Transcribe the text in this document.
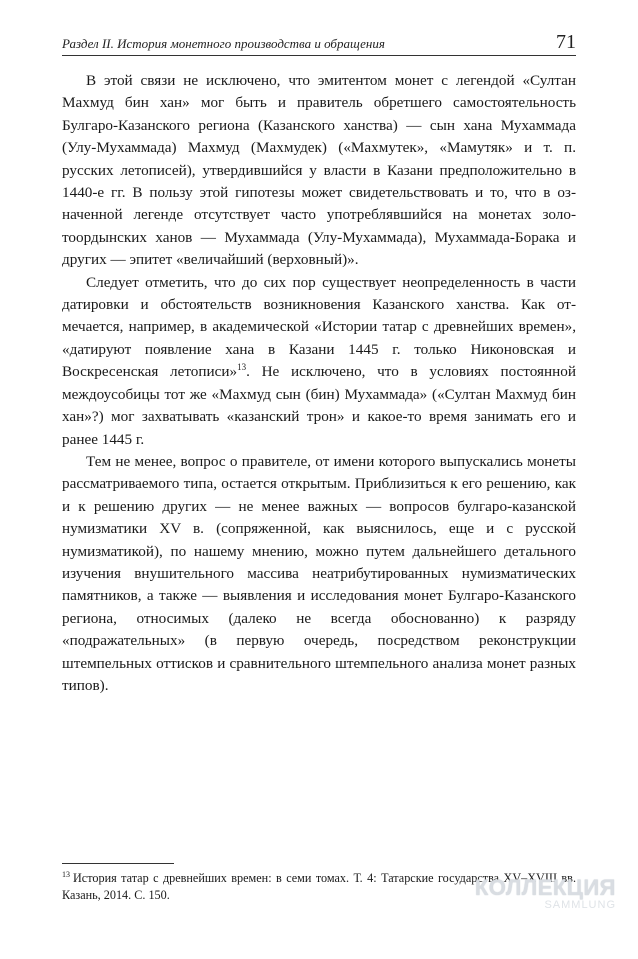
Раздел II. История монетного производства и обращения	71

В этой связи не исключено, что эмитентом монет с легендой «Султан Махмуд бин хан» мог быть и правитель обретшего самостоятельность Булгаро-Казанского региона (Казанского ханства) — сын хана Мухаммада (Улу-Мухаммада) Махмуд (Махмудек) («Махмутек», «Мамутяк» и т. п. русских летописей), утвердившийся у власти в Казани предположительно в 1440-е гг. В пользу этой гипотезы может свидетельствовать и то, что в означенной легенде отсутствует часто употреблявшийся на монетах золотоордынских ханов — Мухаммада (Улу-Мухаммада), Мухаммада-Борака и других — эпитет «величайший (верховный)».

Следует отметить, что до сих пор существует неопределенность в части датировки и обстоятельств возникновения Казанского ханства. Как отмечается, например, в академической «Истории татар с древнейших времен», «датируют появление хана в Казани 1445 г. только Никоновская и Воскресенская летописи»$^{13}$. Не исключено, что в условиях постоянной междоусобицы тот же «Махмуд сын (бин) Мухаммада» («Султан Махмуд бин хан»?) мог захватывать «казанский трон» и какое-то время занимать его и ранее 1445 г.

Тем не менее, вопрос о правителе, от имени которого выпускались монеты рассматриваемого типа, остается открытым. Приблизиться к его решению, как и к решению других — не менее важных — вопросов булгаро-казанской нумизматики XV в. (сопряженной, как выяснилось, еще и с русской нумизматикой), по нашему мнению, можно путем дальнейшего детального изучения внушительного массива неатрибутированных нумизматических памятников, а также — выявления и исследования монет Булгаро-Казанского региона, относимых (далеко не всегда обоснованно) к разряду «подражательных» (в первую очередь, посредством реконструкции штемпельных оттисков и сравнительного штемпельного анализа монет разных типов).

$^{13}$ История татар с древнейших времен: в семи томах. Т. 4: Татарские государства XV–XVIII вв. Казань, 2014. С. 150.	КОЛЛЕКЦИЯ
SAMMLUNG
